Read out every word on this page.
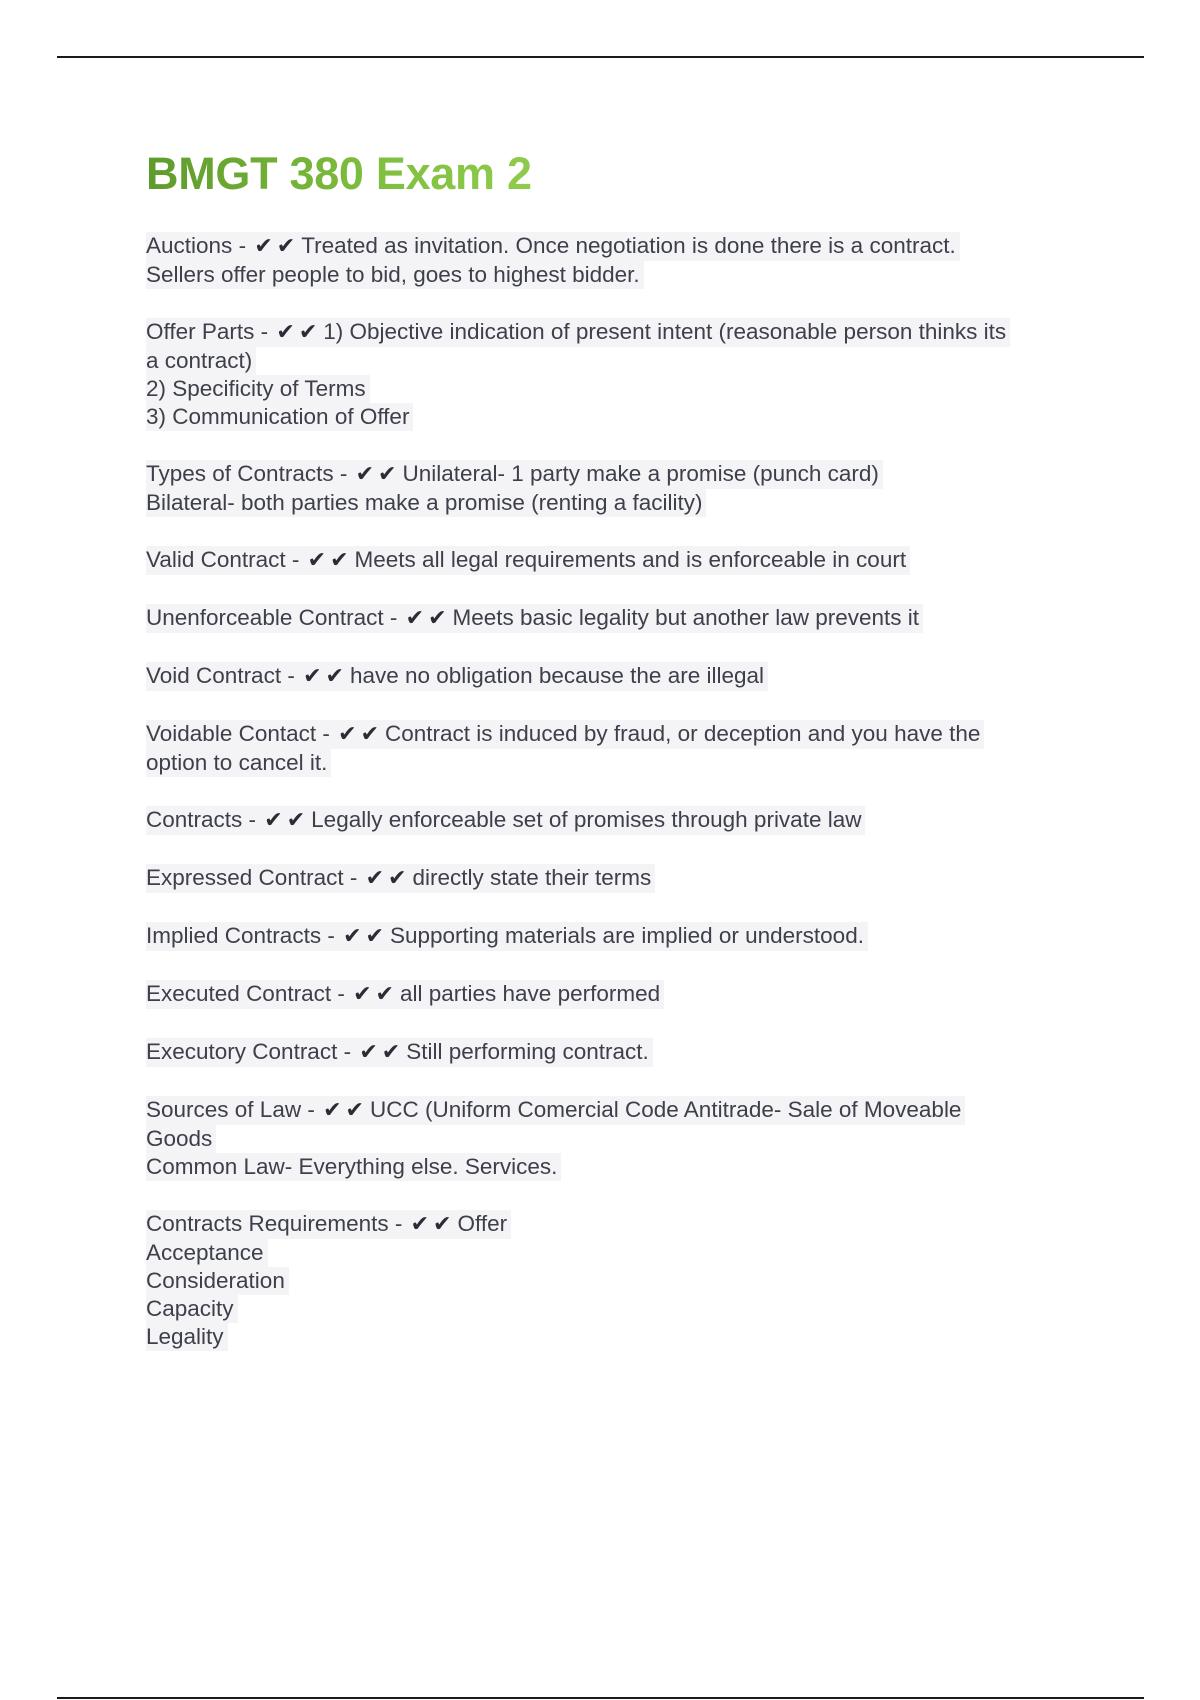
BMGT 380 Exam 2
Auctions - ✔ ✔ Treated as invitation. Once negotiation is done there is a contract.
Sellers offer people to bid, goes to highest bidder.
Offer Parts - ✔ ✔ 1) Objective indication of present intent (reasonable person thinks its
a contract)
2) Specificity of Terms
3) Communication of Offer
Types of Contracts - ✔ ✔ Unilateral- 1 party make a promise (punch card)
Bilateral- both parties make a promise (renting a facility)
Valid Contract - ✔ ✔ Meets all legal requirements and is enforceable in court
Unenforceable Contract - ✔ ✔ Meets basic legality but another law prevents it
Void Contract - ✔ ✔ have no obligation because the are illegal
Voidable Contact - ✔ ✔ Contract is induced by fraud, or deception and you have the
option to cancel it.
Contracts - ✔ ✔ Legally enforceable set of promises through private law
Expressed Contract - ✔ ✔ directly state their terms
Implied Contracts - ✔ ✔ Supporting materials are implied or understood.
Executed Contract - ✔ ✔ all parties have performed
Executory Contract - ✔ ✔ Still performing contract.
Sources of Law - ✔ ✔ UCC (Uniform Comercial Code Antitrade- Sale of Moveable
Goods
Common Law- Everything else. Services.
Contracts Requirements - ✔ ✔ Offer
Acceptance
Consideration
Capacity
Legality
